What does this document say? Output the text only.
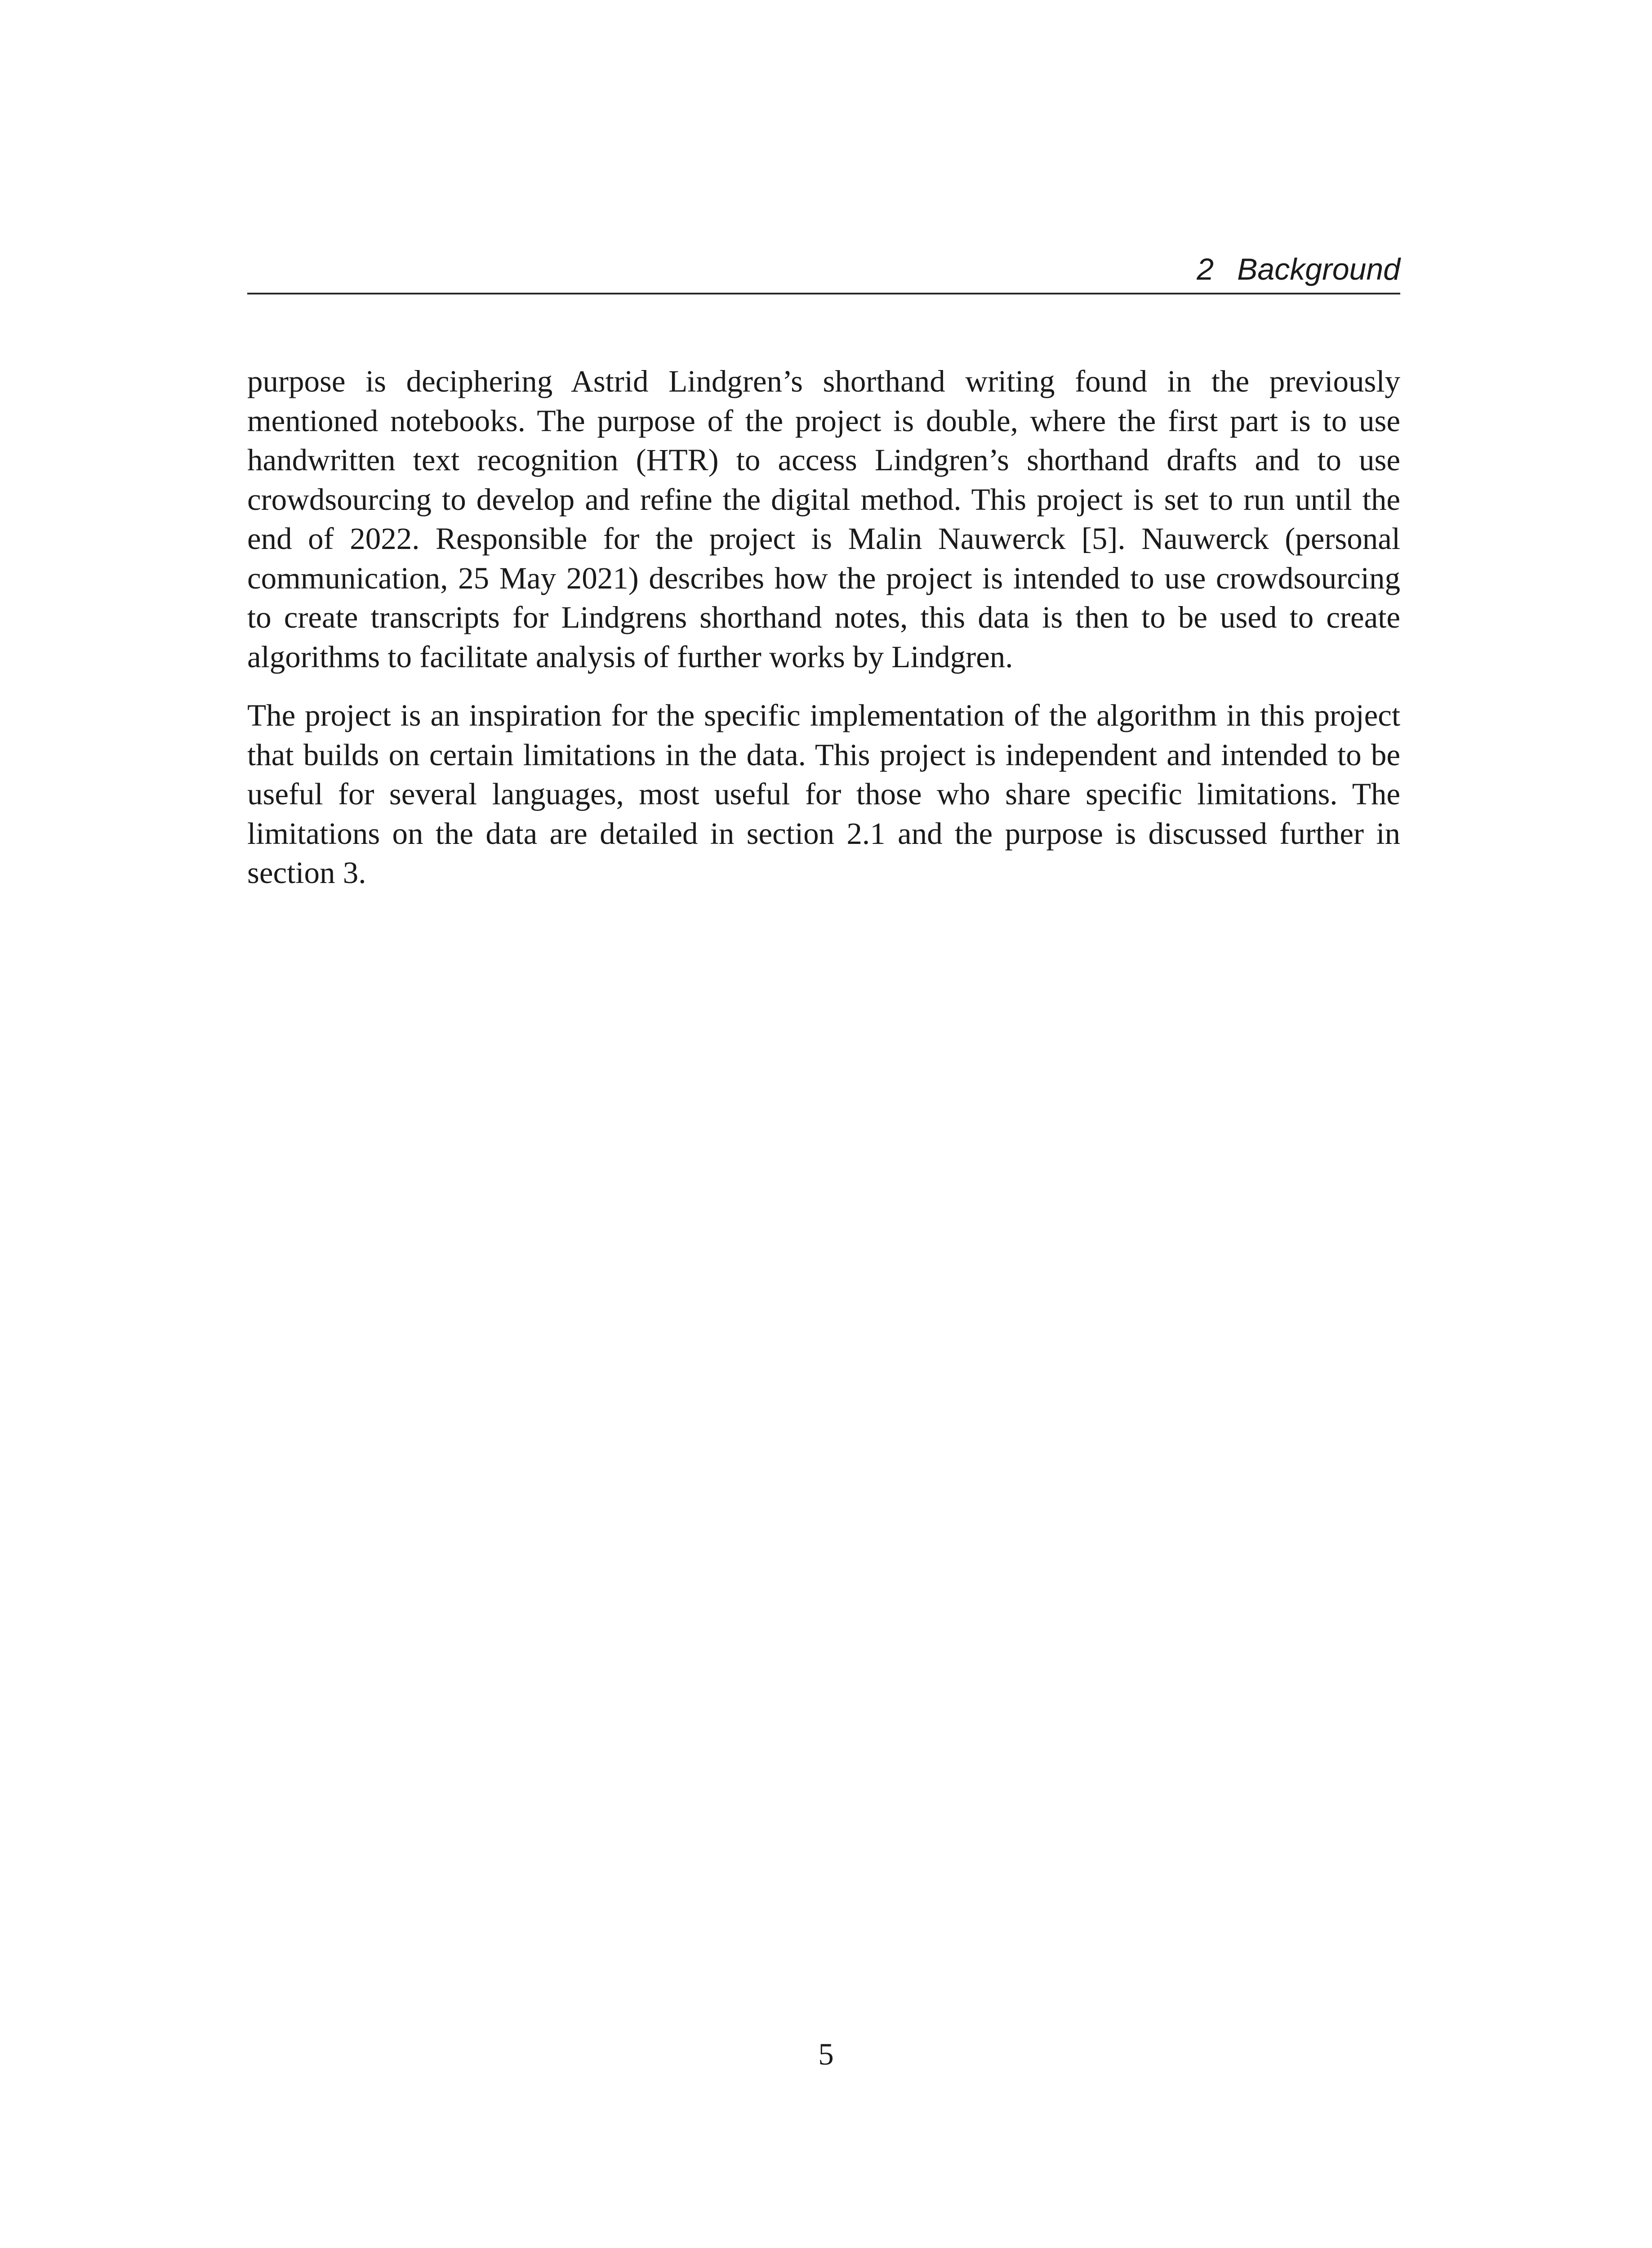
2 Background

purpose is deciphering Astrid Lindgren’s shorthand writing found in the previously mentioned notebooks. The purpose of the project is double, where the first part is to use handwritten text recognition (HTR) to access Lindgren’s shorthand drafts and to use crowdsourcing to develop and refine the digital method. This project is set to run until the end of 2022. Responsible for the project is Malin Nauwerck [5]. Nauwerck (personal communication, 25 May 2021) describes how the project is intended to use crowdsourcing to create transcripts for Lindgrens shorthand notes, this data is then to be used to create algorithms to facilitate analysis of further works by Lindgren.

The project is an inspiration for the specific implementation of the algorithm in this project that builds on certain limitations in the data. This project is independent and intended to be useful for several languages, most useful for those who share specific limitations. The limitations on the data are detailed in section 2.1 and the purpose is discussed further in section 3.

5
